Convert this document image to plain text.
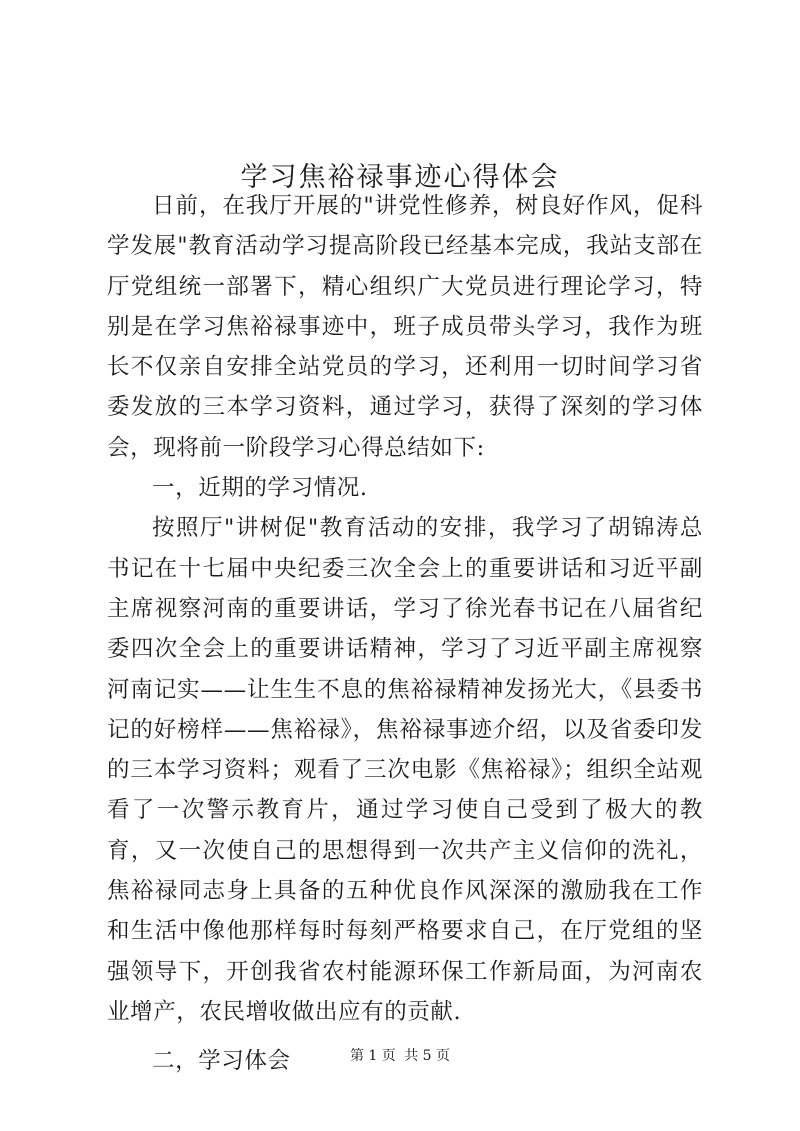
学习焦裕禄事迹心得体会

日前，在我厅开展的"讲党性修养，树良好作风，促科学发展"教育活动学习提高阶段已经基本完成，我站支部在厅党组统一部署下，精心组织广大党员进行理论学习，特别是在学习焦裕禄事迹中，班子成员带头学习，我作为班长不仅亲自安排全站党员的学习，还利用一切时间学习省委发放的三本学习资料，通过学习，获得了深刻的学习体会，现将前一阶段学习心得总结如下:

一，近期的学习情况.

按照厅"讲树促"教育活动的安排，我学习了胡锦涛总书记在十七届中央纪委三次全会上的重要讲话和习近平副主席视察河南的重要讲话，学习了徐光春书记在八届省纪委四次全会上的重要讲话精神，学习了习近平副主席视察河南记实——让生生不息的焦裕禄精神发扬光大，《县委书记的好榜样——焦裕禄》，焦裕禄事迹介绍，以及省委印发的三本学习资料；观看了三次电影《焦裕禄》；组织全站观看了一次警示教育片，通过学习使自己受到了极大的教育，又一次使自己的思想得到一次共产主义信仰的洗礼，焦裕禄同志身上具备的五种优良作风深深的激励我在工作和生活中像他那样每时每刻严格要求自己，在厅党组的坚强领导下，开创我省农村能源环保工作新局面，为河南农业增产，农民增收做出应有的贡献.

二，学习体会	第 1 页 共 5 页
